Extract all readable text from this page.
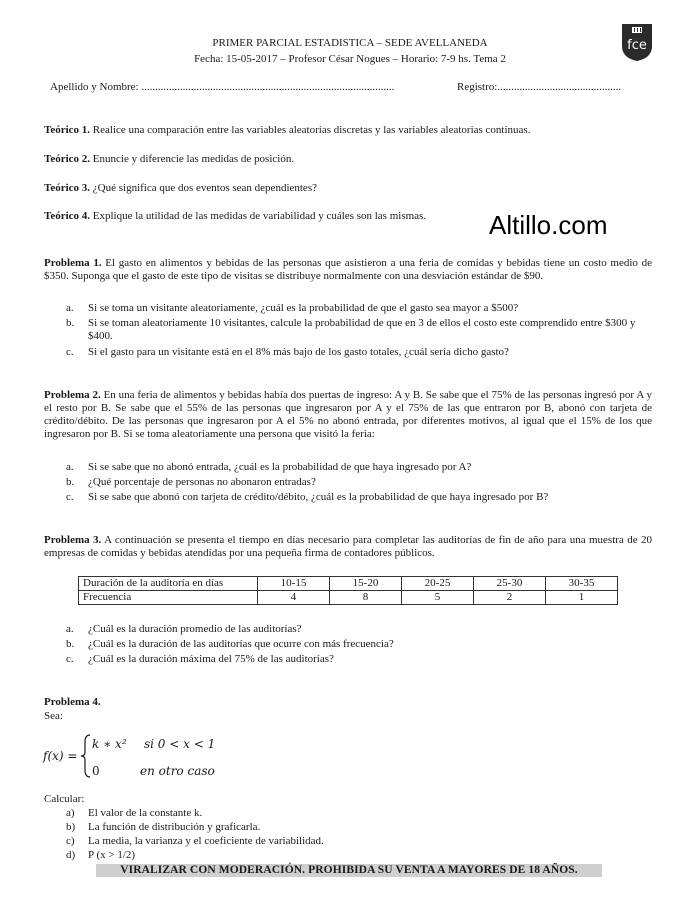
PRIMER PARCIAL ESTADISTICA – SEDE AVELLANEDA
Fecha: 15-05-2017 – Profesor César Nogues – Horario: 7-9 hs. Tema 2
fce
Apellido y Nombre: ............................................................................................	Registro:.............................................
Teórico 1. Realice una comparación entre las variables aleatorias discretas y las variables aleatorias continuas.
Teórico 2. Enuncie y diferencie las medidas de posición.
Teórico 3. ¿Qué significa que dos eventos sean dependientes?
Teórico 4. Explique la utilidad de las medidas de variabilidad y cuáles son las mismas.	Altillo.com
Problema 1. El gasto en alimentos y bebidas de las personas que asistieron a una feria de comidas y bebidas tiene un costo medio de $350. Suponga que el gasto de este tipo de visitas se distribuye normalmente con una desviación estándar de $90.
a. Si se toma un visitante aleatoriamente, ¿cuál es la probabilidad de que el gasto sea mayor a $500?
b. Si se toman aleatoriamente 10 visitantes, calcule la probabilidad de que en 3 de ellos el costo este comprendido entre $300 y $400.
c. Si el gasto para un visitante está en el 8% más bajo de los gasto totales, ¿cuál sería dicho gasto?
Problema 2. En una feria de alimentos y bebidas había dos puertas de ingreso: A y B. Se sabe que el 75% de las personas ingresó por A y el resto por B. Se sabe que el 55% de las personas que ingresaron por A y el 75% de las que entraron por B, abonó con tarjeta de crédito/débito. De las personas que ingresaron por A el 5% no abonó entrada, por diferentes motivos, al igual que el 15% de los que ingresaron por B. Si se toma aleatoriamente una persona que visitó la feria:
a. Si se sabe que no abonó entrada, ¿cuál es la probabilidad de que haya ingresado por A?
b. ¿Qué porcentaje de personas no abonaron entradas?
c. Si se sabe que abonó con tarjeta de crédito/débito, ¿cuál es la probabilidad de que haya ingresado por B?
Problema 3. A continuación se presenta el tiempo en días necesario para completar las auditorías de fin de año para una muestra de 20 empresas de comidas y bebidas atendidas por una pequeña firma de contadores públicos.
Duración de la auditoría en días	10-15	15-20	20-25	25-30	30-35
Frecuencia	4	8	5	2	1
a. ¿Cuál es la duración promedio de las auditorías?
b. ¿Cuál es la duración de las auditorías que ocurre con más frecuencia?
c. ¿Cuál es la duración máxima del 75% de las auditorías?
Problema 4.
Sea:
f(x) =
k ∗ x² si 0 < x < 1
0	en otro caso
Calcular:
a) El valor de la constante k.
b) La función de distribución y graficarla.
c) La media, la varianza y el coeficiente de variabilidad.
d) P (x > 1/2)
VIRALIZAR CON MODERACIÓN. PROHIBIDA SU VENTA A MAYORES DE 18 AÑOS.
